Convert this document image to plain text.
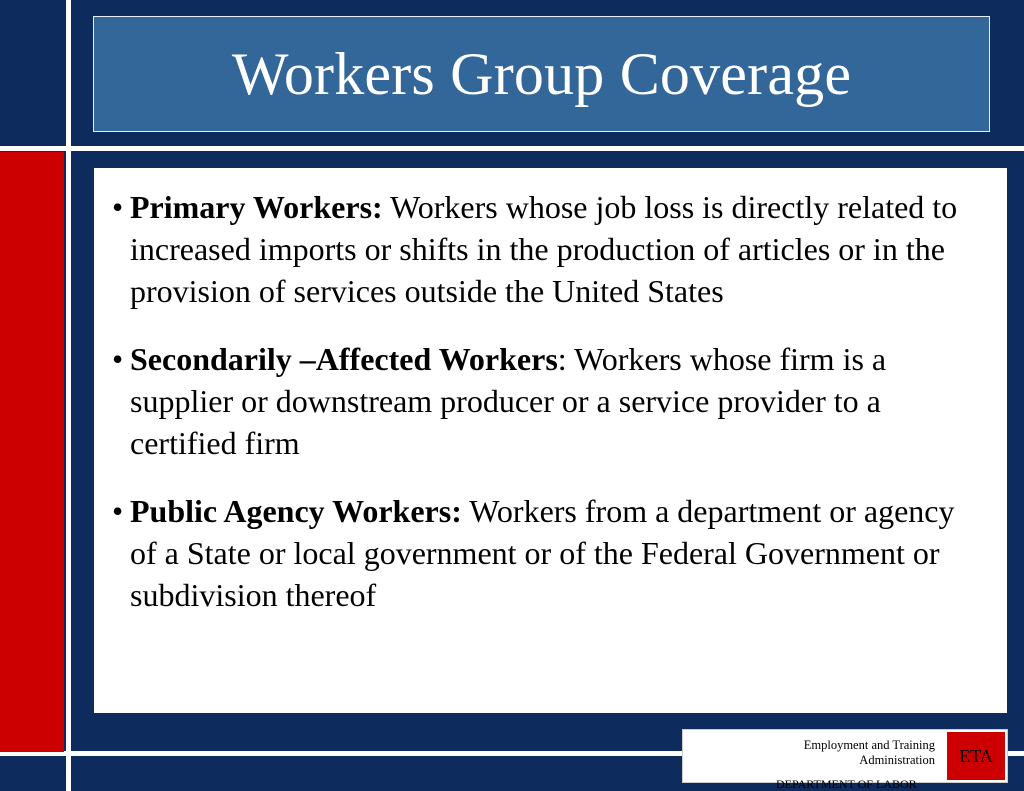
Workers Group Coverage
• Primary Workers: Workers whose job loss is directly related to increased imports or shifts in the production of articles or in the provision of services outside the United States
• Secondarily –Affected Workers: Workers whose firm is a supplier or downstream producer or a service provider to a certified firm
• Public Agency Workers: Workers from a department or agency of a State or local government or of the Federal Government or subdivision thereof
Employment and Training
Administration	ETA
DEPARTMENT OF LABOR
